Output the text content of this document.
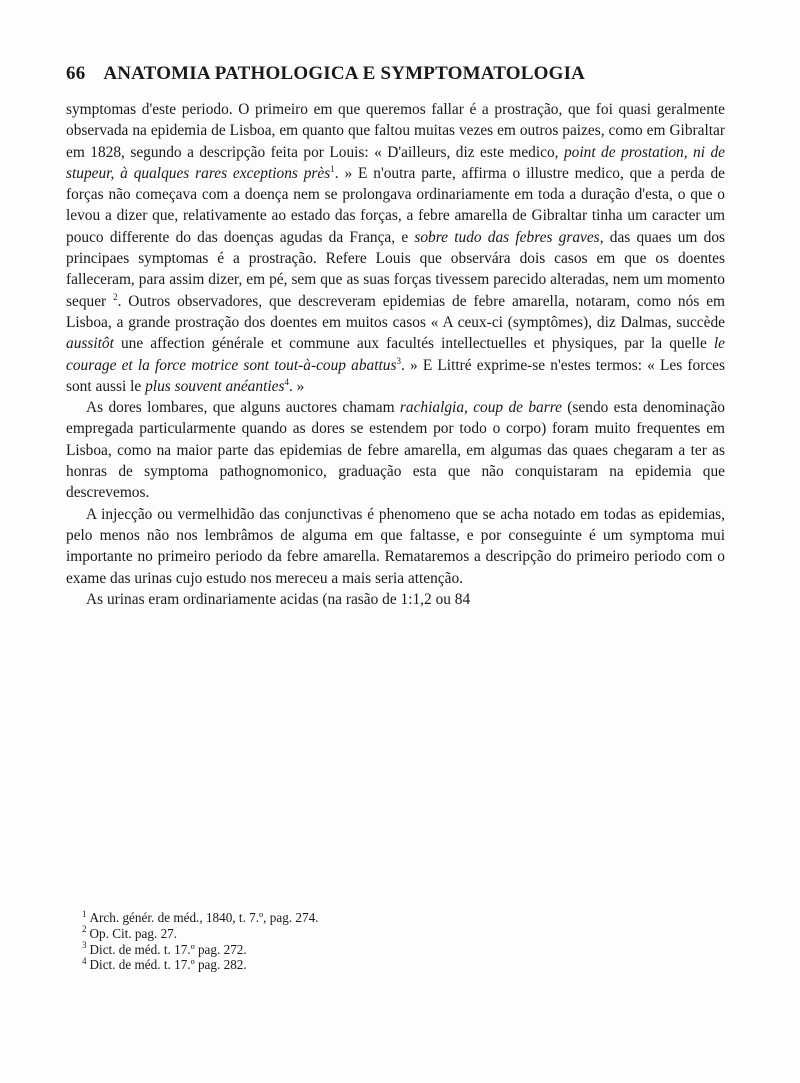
66 ANATOMIA PATHOLOGICA E SYMPTOMATOLOGIA

symptomas d'este periodo. O primeiro em que queremos fallar é a prostração, que foi quasi geralmente observada na epidemia de Lisboa, em quanto que faltou muitas vezes em outros paizes, como em Gibraltar em 1828, segundo a descripção feita por Louis: « D'ailleurs, diz este medico, point de prostation, ni de stupeur, à qualques rares exceptions près$^1$. » E n'outra parte, affirma o illustre medico, que a perda de forças não começava com a doença nem se prolongava ordinariamente em toda a duração d'esta, o que o levou a dizer que, relativamente ao estado das forças, a febre amarella de Gibraltar tinha um caracter um pouco differente do das doenças agudas da França, e sobre tudo das febres graves, das quaes um dos principaes symptomas é a prostração. Refere Louis que observára dois casos em que os doentes falleceram, para assim dizer, em pé, sem que as suas forças tivessem parecido alteradas, nem um momento sequer $^2$. Outros observadores, que descreveram epidemias de febre amarella, notaram, como nós em Lisboa, a grande prostração dos doentes em muitos casos « A ceux-ci (symptômes), diz Dalmas, succède aussitôt une affection générale et commune aux facultés intellectuelles et physiques, par la quelle le courage et la force motrice sont tout-à-coup abattus$^3$. » E Littré exprime-se n'estes termos: « Les forces sont aussi le plus souvent anéanties$^4$. »

As dores lombares, que alguns auctores chamam rachialgia, coup de barre (sendo esta denominação empregada particularmente quando as dores se estendem por todo o corpo) foram muito frequentes em Lisboa, como na maior parte das epidemias de febre amarella, em algumas das quaes chegaram a ter as honras de symptoma pathognomonico, graduação esta que não conquistaram na epidemia que descrevemos.

A injecção ou vermelhidão das conjunctivas é phenomeno que se acha notado em todas as epidemias, pelo menos não nos lembrâmos de alguma em que faltasse, e por conseguinte é um symptoma mui importante no primeiro periodo da febre amarella. Remataremos a descripção do primeiro periodo com o exame das urinas cujo estudo nos mereceu a mais seria attenção.

As urinas eram ordinariamente acidas (na rasão de 1:1,2 ou 84

$^1$ Arch. génér. de méd., 1840, t. 7.º, pag. 274.
$^2$ Op. Cit. pag. 27.
$^3$ Dict. de méd. t. 17.º pag. 272.
$^4$ Dict. de méd. t. 17.º pag. 282.
